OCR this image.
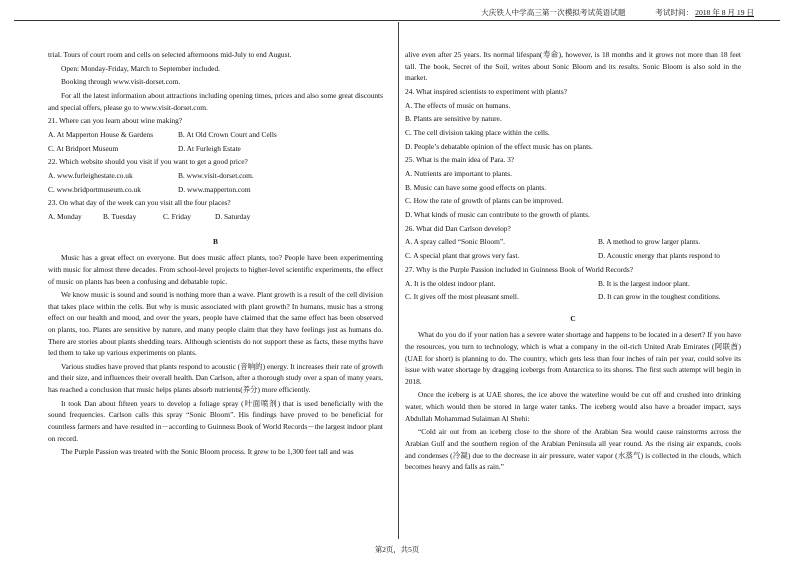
大庆铁人中学高三第一次模拟考试英语试题	考试时间： 2018 年 8 月 19 日

trial. Tours of court room and cells on selected afternoons mid-July to end August.

Open: Monday-Friday, March to September included.

Booking through www.visit-dorset.com.

For all the latest information about attractions including opening times, prices and also some great discounts and special offers, please go to www.visit-dorset.com.

21. Where can you learn about wine making?

A. At Mapperton House & Gardens	B. At Old Crown Court and Cells
C. At Bridport Museum	D. At Furleigh Estate

22. Which website should you visit if you want to get a good price?

A. www.furleighestate.co.uk	B. www.visit-dorset.com.
C. www.bridportmuseum.co.uk	D. www.mapperton.com

23. On what day of the week can you visit all the four places?

A. Monday	B. Tuesday	C. Friday	D. Saturday
B

Music has a great effect on everyone. But does music affect plants, too? People have been experimenting with music for almost three decades. From school-level projects to higher-level scientific experiments, the effect of music on plants has been a confusing and debatable topic.

We know music is sound and sound is nothing more than a wave. Plant growth is a result of the cell division that takes place within the cells. But why is music associated with plant growth? In humans, music has a strong effect on our health and mood, and over the years, people have claimed that the same effect has been observed on plants, too. Plants are sensitive by nature, and many people claim that they have feelings just as humans do. There are stories about plants shedding tears. Although scientists do not support these as facts, these myths have led them to take up various experiments on plants.

Various studies have proved that plants respond to acoustic (音响的) energy. It increases their rate of growth and their size, and influences their overall health. Dan Carlson, after a thorough study over a span of many years, has reached a conclusion that music helps plants absorb nutrients(养分) more efficiently.

It took Dan about fifteen years to develop a foliage spray (叶面喷剂) that is used beneficially with the sound frequencies. Carlson calls this spray “Sonic Bloom”. His findings have proved to be beneficial for countless farmers and have resulted in－according to Guinness Book of World Records－the largest indoor plant on record.

The Purple Passion was treated with the Sonic Bloom process. It grew to be 1,300 feet tall and was

alive even after 25 years. Its normal lifespan(寿命), however, is 18 months and it grows not more than 18 feet tall. The book, Secret of the Soil, writes about Sonic Bloom and its results. Sonic Bloom is also sold in the market.

24. What inspired scientists to experiment with plants?

A. The effects of music on humans.

B. Plants are sensitive by nature.

C. The cell division taking place within the cells.

D. People’s debatable opinion of the effect music has on plants.

25. What is the main idea of Para. 3?

A. Nutrients are important to plants.

B. Music can have some good effects on plants.

C. How the rate of growth of plants can be improved.

D. What kinds of music can contribute to the growth of plants.

26. What did Dan Carlson develop?

A. A spray called “Sonic Bloom”.	B. A method to grow larger plants.
C. A special plant that grows very fast.	D. Acoustic energy that plants respond to

27. Why is the Purple Passion included in Guinness Book of World Records?

A. It is the oldest indoor plant.	B. It is the largest indoor plant.
C. It gives off the most pleasant smell.	D. It can grow in the toughest conditions.
C

What do you do if your nation has a severe water shortage and happens to be located in a desert? If you have the resources, you turn to technology, which is what a company in the oil-rich United Arab Emirates (阿联酋) (UAE for short) is planning to do. The country, which gets less than four inches of rain per year, could solve its issue with water shortage by dragging icebergs from Antarctica to its shores. The first such attempt will begin in 2018.

Once the iceberg is at UAE shores, the ice above the waterline would be cut off and crushed into drinking water, which would then be stored in large water tanks. The iceberg would also have a broader impact, says Abdullah Mohammad Sulaiman Al Shehi:

“Cold air out from an iceberg close to the shore of the Arabian Sea would cause rainstorms across the Arabian Gulf and the southern region of the Arabian Peninsula all year round. As the rising air expands, cools and condenses (冷凝) due to the decrease in air pressure, water vapor (水蒸气) is collected in the clouds, which becomes heavy and falls as rain.”

第2页，共5页
